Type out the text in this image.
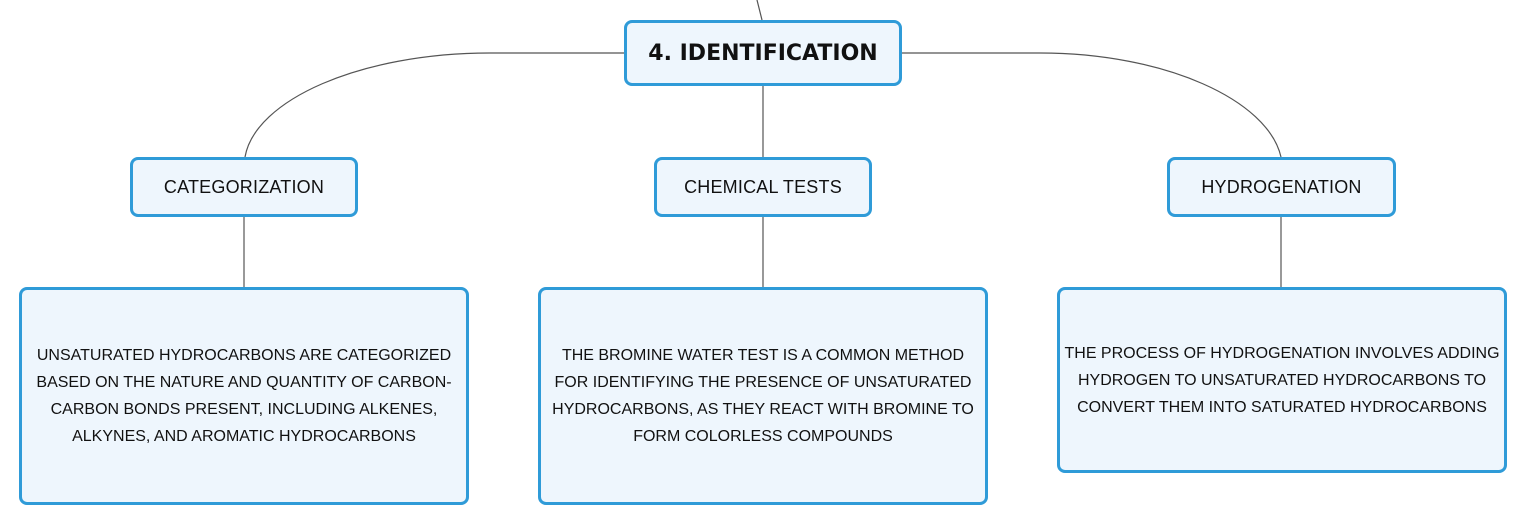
4. IDENTIFICATION
CATEGORIZATION	CHEMICAL TESTS	HYDROGENATION
UNSATURATED HYDROCARBONS ARE CATEGORIZED BASED ON THE NATURE AND QUANTITY OF CARBON-CARBON BONDS PRESENT, INCLUDING ALKENES, ALKYNES, AND AROMATIC HYDROCARBONS
THE BROMINE WATER TEST IS A COMMON METHOD FOR IDENTIFYING THE PRESENCE OF UNSATURATED HYDROCARBONS, AS THEY REACT WITH BROMINE TO FORM COLORLESS COMPOUNDS
THE PROCESS OF HYDROGENATION INVOLVES ADDING HYDROGEN TO UNSATURATED HYDROCARBONS TO CONVERT THEM INTO SATURATED HYDROCARBONS
